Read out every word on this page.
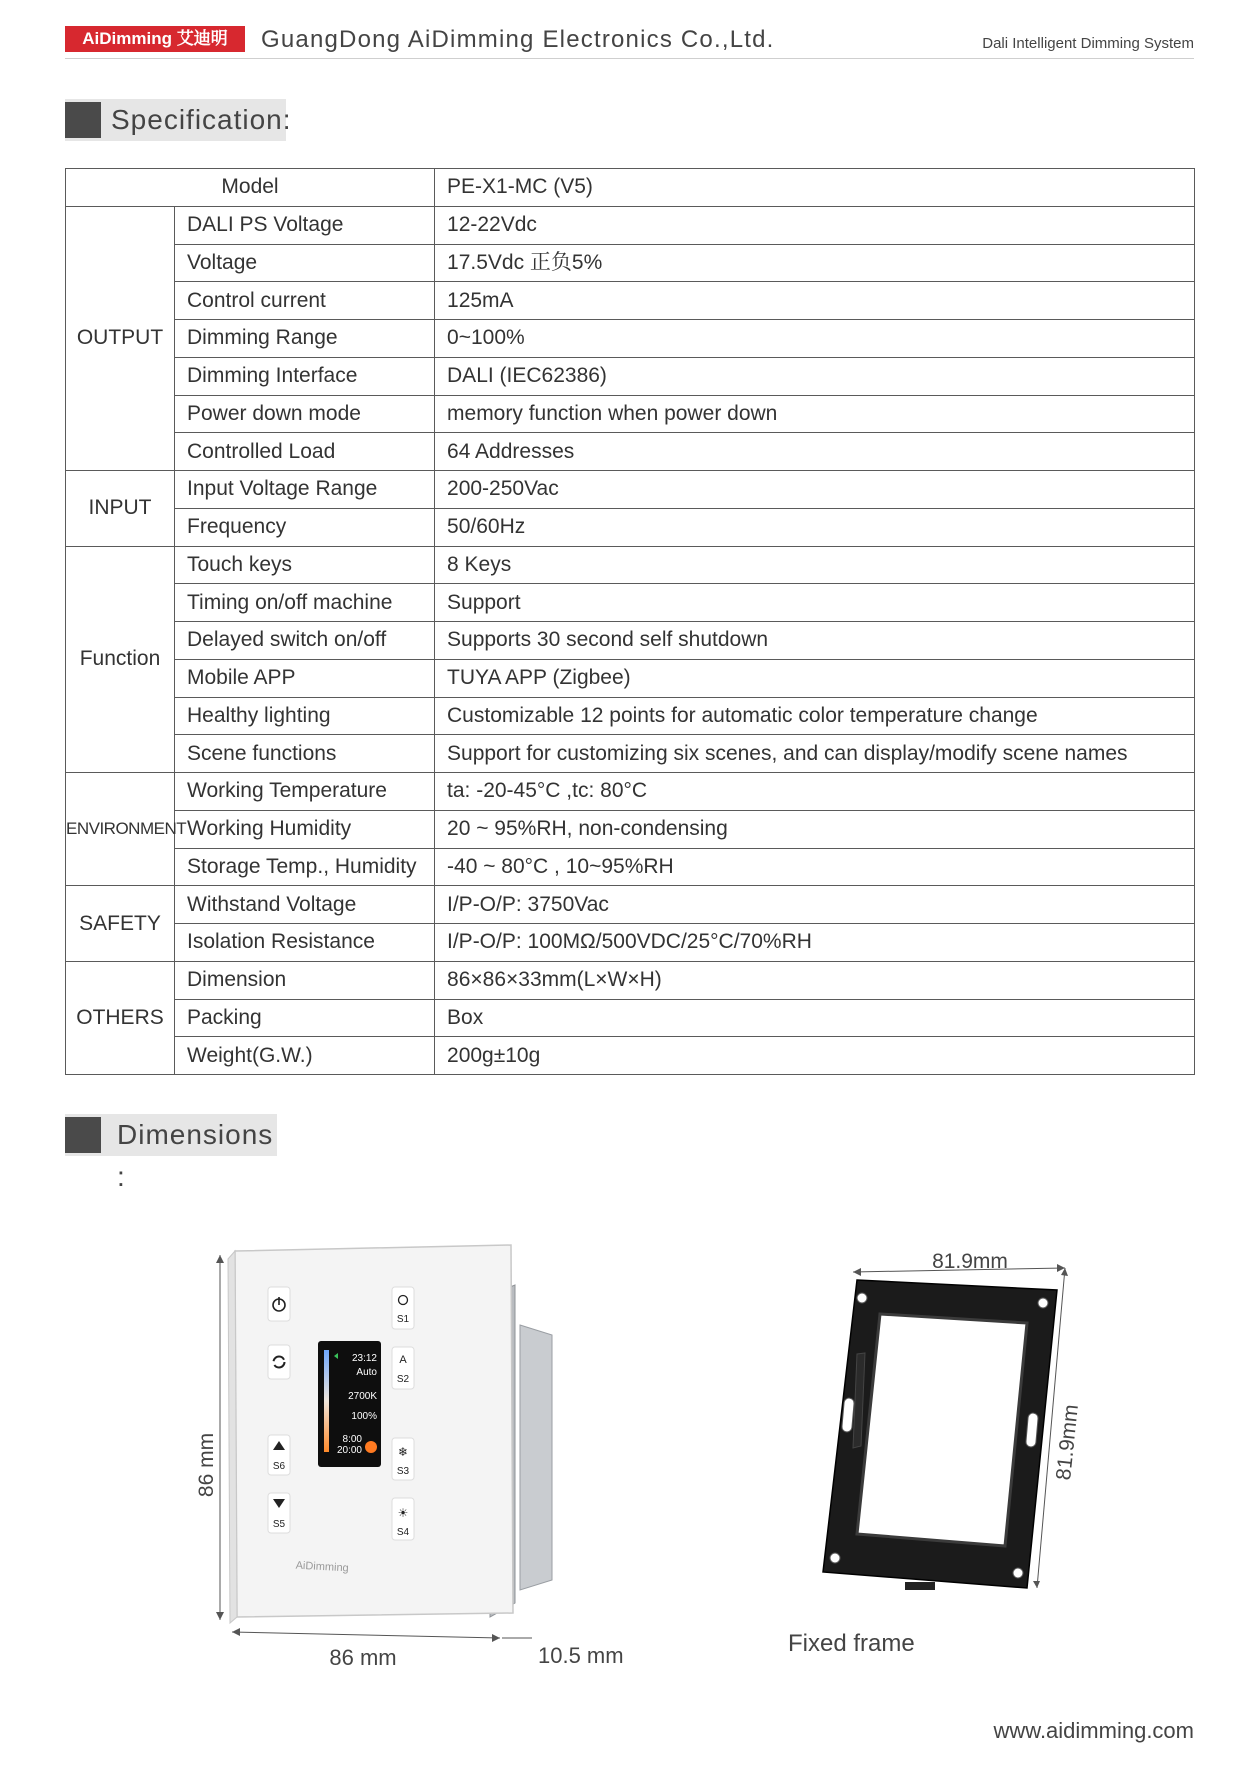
AiDimming 艾迪明	GuangDong AiDimming Electronics Co.,Ltd.	Dali Intelligent Dimming System
Specification:
Model		PE-X1-MC (V5)
OUTPUT	DALI PS Voltage	12-22Vdc
	Voltage	17.5Vdc 正负5%
	Control current	125mA
	Dimming Range	0~100%
	Dimming Interface	DALI (IEC62386)
	Power down mode	memory function when power down
	Controlled Load	64 Addresses
INPUT	Input Voltage Range	200-250Vac
	Frequency	50/60Hz
Function	Touch keys	8 Keys
	Timing on/off machine	Support
	Delayed switch on/off	Supports 30 second self shutdown
	Mobile APP	TUYA APP (Zigbee)
	Healthy lighting	Customizable 12 points for automatic color temperature change
	Scene functions	Support for customizing six scenes, and can display/modify scene names
ENVIRONMENT	Working Temperature	ta: -20-45°C ,tc: 80°C
	Working Humidity	20 ~ 95%RH, non-condensing
	Storage Temp., Humidity	-40 ~ 80°C , 10~95%RH
SAFETY	Withstand Voltage	I/P-O/P: 3750Vac
	Isolation Resistance	I/P-O/P: 100MΩ/500VDC/25°C/70%RH
OTHERS	Dimension	86×86×33mm(L×W×H)
	Packing	Box
	Weight(G.W.)	200g±10g
Dimensions :
86 mm
86 mm	10.5 mm
S6
S5
S1
A
S2
❄
S3
☀
S4
23:12
Auto
2700K
100%
8:00
20:00
AiDimming
81.9mm
81.9mm
Fixed frame
www.aidimming.com
